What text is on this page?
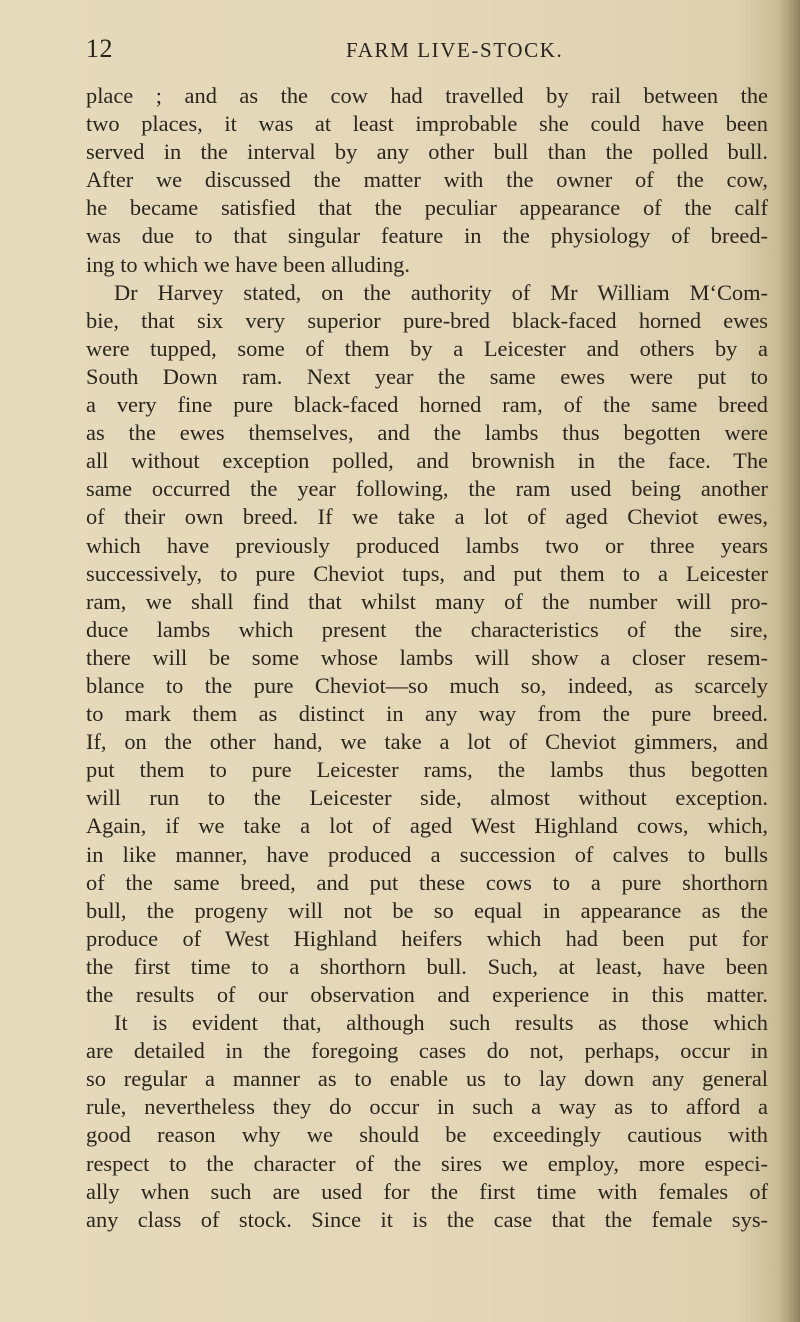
12	FARM LIVE-STOCK.
place ; and as the cow had travelled by rail between the
two places, it was at least improbable she could have been
served in the interval by any other bull than the polled bull.
After we discussed the matter with the owner of the cow,
he became satisfied that the peculiar appearance of the calf
was due to that singular feature in the physiology of breed-
ing to which we have been alluding.
Dr Harvey stated, on the authority of Mr William M‘Com-
bie, that six very superior pure-bred black-faced horned ewes
were tupped, some of them by a Leicester and others by a
South Down ram. Next year the same ewes were put to
a very fine pure black-faced horned ram, of the same breed
as the ewes themselves, and the lambs thus begotten were
all without exception polled, and brownish in the face. The
same occurred the year following, the ram used being another
of their own breed. If we take a lot of aged Cheviot ewes,
which have previously produced lambs two or three years
successively, to pure Cheviot tups, and put them to a Leicester
ram, we shall find that whilst many of the number will pro-
duce lambs which present the characteristics of the sire,
there will be some whose lambs will show a closer resem-
blance to the pure Cheviot—so much so, indeed, as scarcely
to mark them as distinct in any way from the pure breed.
If, on the other hand, we take a lot of Cheviot gimmers, and
put them to pure Leicester rams, the lambs thus begotten
will run to the Leicester side, almost without exception.
Again, if we take a lot of aged West Highland cows, which,
in like manner, have produced a succession of calves to bulls
of the same breed, and put these cows to a pure shorthorn
bull, the progeny will not be so equal in appearance as the
produce of West Highland heifers which had been put for
the first time to a shorthorn bull. Such, at least, have been
the results of our observation and experience in this matter.
It is evident that, although such results as those which
are detailed in the foregoing cases do not, perhaps, occur in
so regular a manner as to enable us to lay down any general
rule, nevertheless they do occur in such a way as to afford a
good reason why we should be exceedingly cautious with
respect to the character of the sires we employ, more especi-
ally when such are used for the first time with females of
any class of stock. Since it is the case that the female sys-
